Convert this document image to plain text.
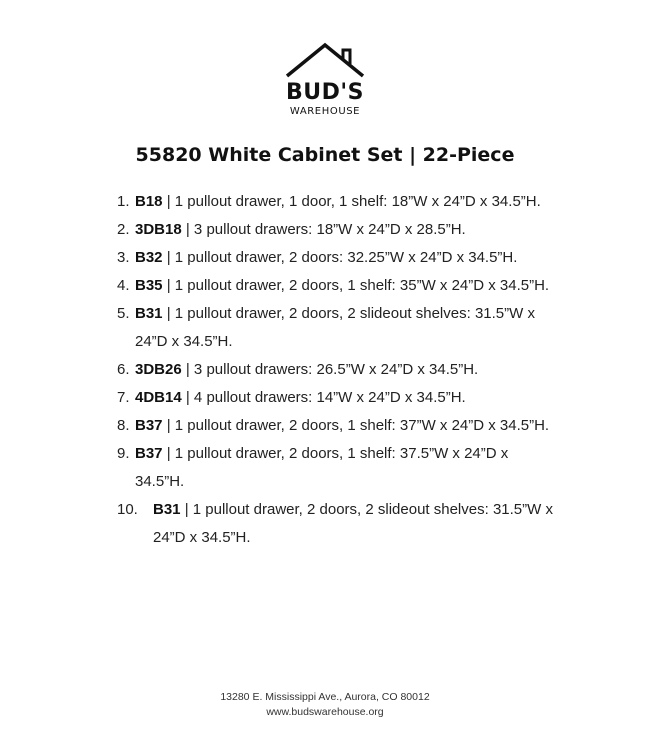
BUD'S
WAREHOUSE
55820 White Cabinet Set | 22-Piece
1. B18 | 1 pullout drawer, 1 door, 1 shelf: 18”W x 24”D x 34.5”H.
2. 3DB18 | 3 pullout drawers: 18”W x 24”D x 28.5”H.
3. B32 | 1 pullout drawer, 2 doors: 32.25”W x 24”D x 34.5”H.
4. B35 | 1 pullout drawer, 2 doors, 1 shelf: 35”W x 24”D x 34.5”H.
5. B31 | 1 pullout drawer, 2 doors, 2 slideout shelves: 31.5”W x 24”D x 34.5”H.
6. 3DB26 | 3 pullout drawers: 26.5”W x 24”D x 34.5”H.
7. 4DB14 | 4 pullout drawers: 14”W x 24”D x 34.5”H.
8. B37 | 1 pullout drawer, 2 doors, 1 shelf: 37”W x 24”D x 34.5”H.
9. B37 | 1 pullout drawer, 2 doors, 1 shelf: 37.5”W x 24”D x 34.5”H.
10.	B31 | 1 pullout drawer, 2 doors, 2 slideout shelves: 31.5”W x 24”D x 34.5”H.
13280 E. Mississippi Ave., Aurora, CO 80012
www.budswarehouse.org
